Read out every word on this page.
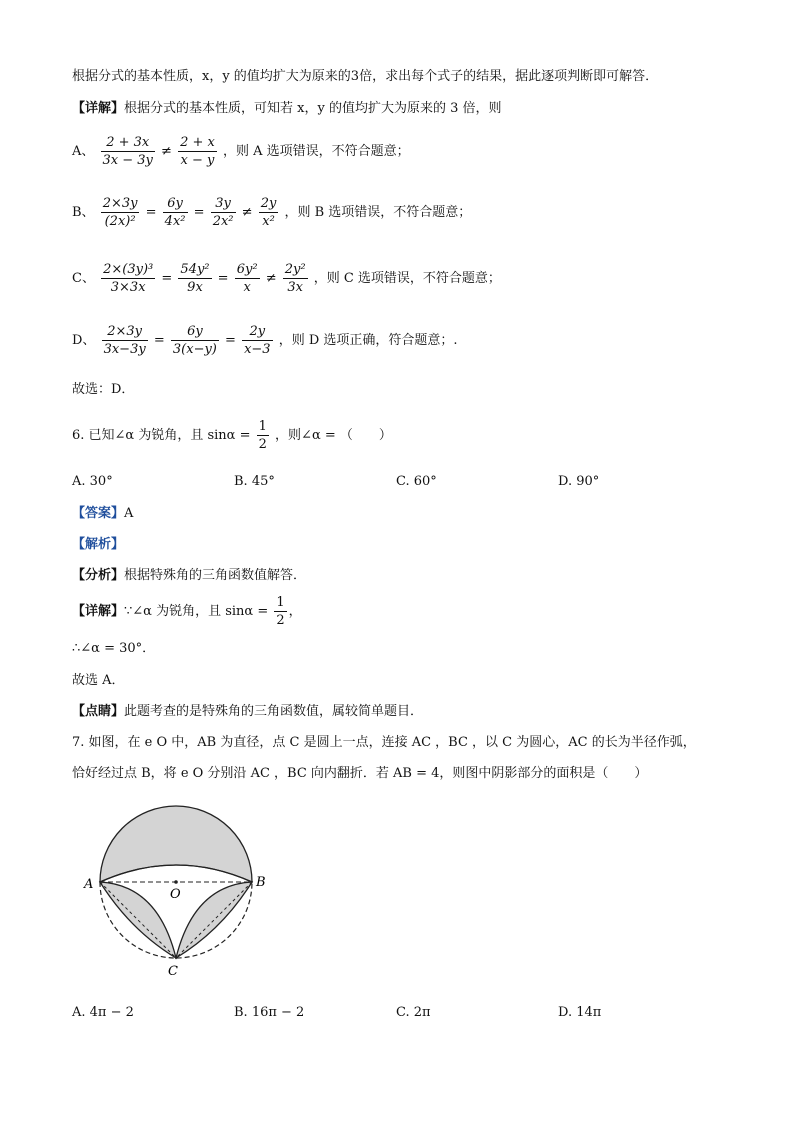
根据分式的基本性质，x，y 的值均扩大为原来的3倍，求出每个式子的结果，据此逐项判断即可解答．
【详解】根据分式的基本性质，可知若 x，y 的值均扩大为原来的 3 倍，则
A、 $\frac{2 + 3x}{3x - 3y} \ne \frac{2 + x}{x - y}$ ，则 A 选项错误，不符合题意；
B、 $\frac{2\times 3y}{\text{(2x)²}} = \frac{6y}{\text{4x²}} = \frac{3y}{\text{2x²}} \ne \frac{2y}{\text{x²}}$ ，则 B 选项错误，不符合题意；
C、 $\frac{\text{2×(3y)³}}{3\times 3x} = \frac{\text{54y²}}{9x} = \frac{\text{6y²}}{x} \ne \frac{\text{2y²}}{3x}$ ，则 C 选项错误，不符合题意；
D、 $\frac{2\times 3y}{3x-3y} = \frac{6y}{3(x-y)} = \frac{2y}{x-3}$ ，则 D 选项正确，符合题意；.
故选：D．
6. 已知∠α 为锐角，且 $\sin\alpha = \frac{1}{2}$ ，则∠α = （　　）
A. 30°	B. 45°	C. 60°	D. 90°
【答案】A
【解析】
【分析】根据特殊角的三角函数值解答．
【详解】∵∠α 为锐角，且 $\sin\alpha = \frac{1}{2}$ ，
∴∠α = 30°．
故选 A．
【点睛】此题考查的是特殊角的三角函数值，属较简单题目．
7. 如图，在 e O 中，AB 为直径，点 C 是圆上一点，连接 AC ，BC ，以 C 为圆心，AC 的长为半径作弧，
恰好经过点 B，将 e O 分别沿 AC ，BC 向内翻折．若 AB = 4，则图中阴影部分的面积是（　　）
A	B
O
C
A. 4π − 2	B. 16π − 2	C. 2π	D. 14π
